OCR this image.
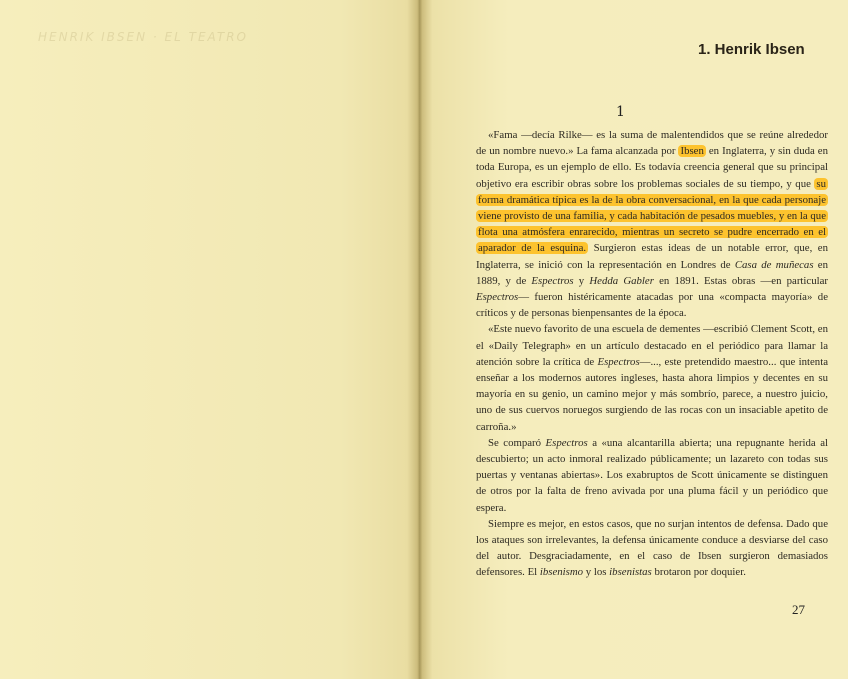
HENRIK IBSEN · EL TEATRO
1. Henrik Ibsen
1

«Fama —decía Rilke— es la suma de malentendidos que se reúne alrededor de un nombre nuevo.» La fama alcanzada por Ibsen en Inglaterra, y sin duda en toda Europa, es un ejemplo de ello. Es todavía creencia general que su principal objetivo era escribir obras sobre los problemas sociales de su tiempo, y que su forma dramática típica es la de la obra conversacional, en la que cada personaje viene provisto de una familia, y cada habitación de pesados muebles, y en la que flota una atmósfera enrarecido, mientras un secreto se pudre encerrado en el aparador de la esquina. Surgieron estas ideas de un notable error, que, en Inglaterra, se inició con la representación en Londres de Casa de muñecas en 1889, y de Espectros y Hedda Gabler en 1891. Estas obras —en particular Espectros— fueron histéricamente atacadas por una «compacta mayoría» de críticos y de personas bienpensantes de la época.

«Este nuevo favorito de una escuela de dementes —escribió Clement Scott, en el «Daily Telegraph» en un artículo destacado en el periódico para llamar la atención sobre la crítica de Espectros—..., este pretendido maestro... que intenta enseñar a los modernos autores ingleses, hasta ahora limpios y decentes en su mayoría en su genio, un camino mejor y más sombrío, parece, a nuestro juicio, uno de sus cuervos noruegos surgiendo de las rocas con un insaciable apetito de carroña.»

Se comparó Espectros a «una alcantarilla abierta; una repugnante herida al descubierto; un acto inmoral realizado públicamente; un lazareto con todas sus puertas y ventanas abiertas». Los exabruptos de Scott únicamente se distinguen de otros por la falta de freno avivada por una pluma fácil y un periódico que espera.

Siempre es mejor, en estos casos, que no surjan intentos de defensa. Dado que los ataques son irrelevantes, la defensa únicamente conduce a desviarse del caso del autor. Desgraciadamente, en el caso de Ibsen surgieron demasiados defensores. El ibsenismo y los ibsenistas brotaron por doquier.

27
